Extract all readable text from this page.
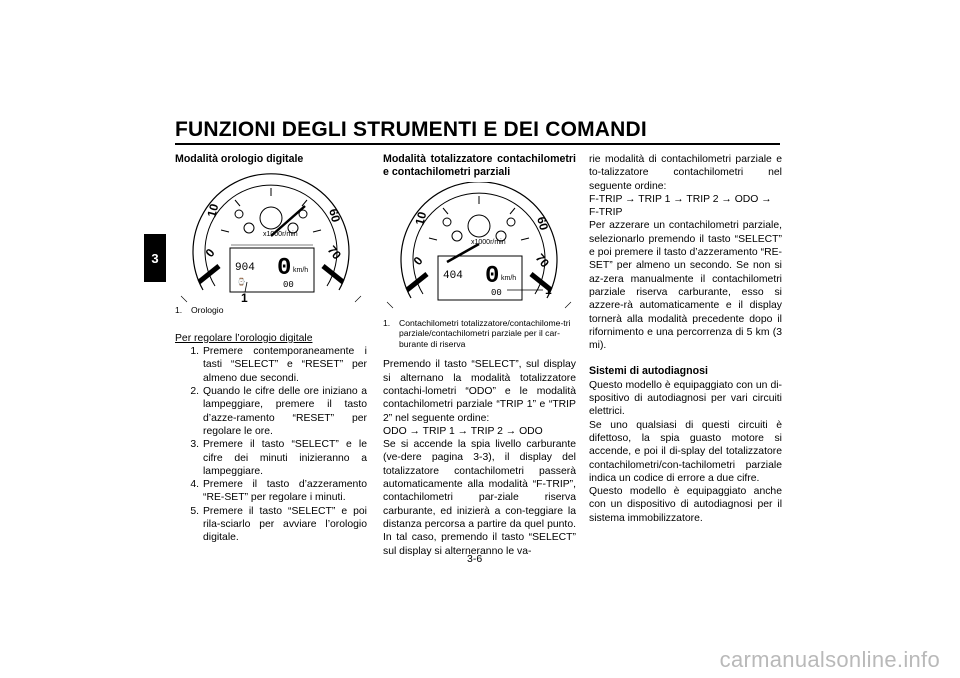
FUNZIONI DEGLI STRUMENTI E DEI COMANDI
3
Modalità orologio digitale
0
10	60
70
x1000r/min
904
⌚
0 km/h
00
1
1.	Orologio
Per regolare l’orologio digitale
1. Premere contemporaneamente i tasti “SELECT” e “RESET” per almeno due secondi.
2. Quando le cifre delle ore iniziano a lampeggiare, premere il tasto d’azze-ramento “RESET” per regolare le ore.
3. Premere il tasto “SELECT” e le cifre dei minuti inizieranno a lampeggiare.
4. Premere il tasto d’azzeramento “RE-SET” per regolare i minuti.
5. Premere il tasto “SELECT” e poi rila-sciarlo per avviare l’orologio digitale.
Modalità totalizzatore contachilometri e contachilometri parziali
0
10	60
70
x1000r/min
404 0 km/h
00	1
1.	Contachilometri totalizzatore/contachilome-tri parziale/contachilometri parziale per il car-burante di riserva

Premendo il tasto “SELECT”, sul display si alternano la modalità totalizzatore contachi-lometri “ODO” e le modalità contachilometri parziale “TRIP 1” e “TRIP 2” nel seguente ordine:

ODO → TRIP 1 → TRIP 2 → ODO

Se si accende la spia livello carburante (ve-dere pagina 3-3), il display del totalizzatore contachilometri passerà automaticamente alla modalità “F-TRIP”, contachilometri par-ziale riserva carburante, ed inizierà a con-teggiare la distanza percorsa a partire da quel punto. In tal caso, premendo il tasto “SELECT” sul display si alterneranno le va-

rie modalità di contachilometri parziale e to-talizzatore contachilometri nel seguente ordine:

F-TRIP → TRIP 1 → TRIP 2 → ODO → F-TRIP

Per azzerare un contachilometri parziale, selezionarlo premendo il tasto “SELECT” e poi premere il tasto d’azzeramento “RE-SET” per almeno un secondo. Se non si az-zera manualmente il contachilometri parziale riserva carburante, esso si azzere-rà automaticamente e il display tornerà alla modalità precedente dopo il rifornimento e una percorrenza di 5 km (3 mi).

Sistemi di autodiagnosi

Questo modello è equipaggiato con un di-spositivo di autodiagnosi per vari circuiti elettrici.

Se uno qualsiasi di questi circuiti è difettoso, la spia guasto motore si accende, e poi il di-splay del totalizzatore contachilometri/con-tachilometri parziale indica un codice di errore a due cifre.

Questo modello è equipaggiato anche con un dispositivo di autodiagnosi per il sistema immobilizzatore.

3-6
carmanualsonline.info
